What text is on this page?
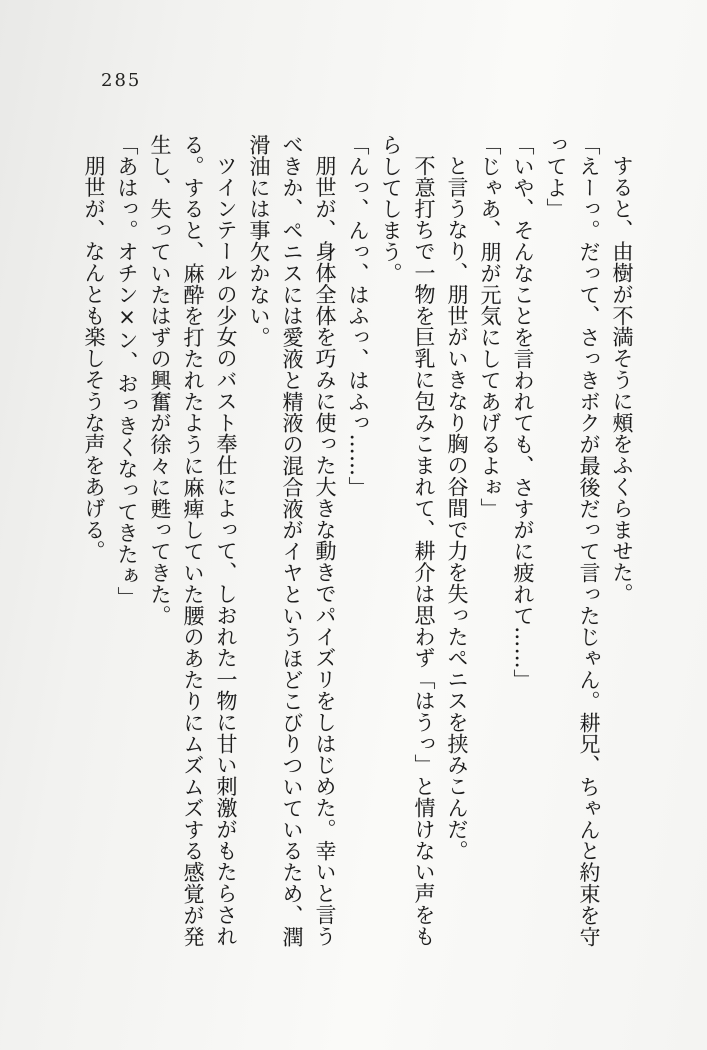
285

すると、由樹が不満そうに頰をふくらませた。

「えーっ。だって、さっきボクが最後だって言ったじゃん。耕兄、ちゃんと約束を守ってよ」

「いや、そんなことを言われても、さすがに疲れて……」

「じゃあ、朋が元気にしてあげるよぉ」

と言うなり、朋世がいきなり胸の谷間で力を失ったペニスを挟みこんだ。

不意打ちで一物を巨乳に包みこまれて、耕介は思わず「はうっ」と情けない声をもらしてしまう。

「んっ、んっ、はふっ、はふっ……」

朋世が、身体全体を巧みに使った大きな動きでパイズリをしはじめた。幸いと言うべきか、ペニスには愛液と精液の混合液がイヤというほどこびりついているため、潤滑油には事欠かない。

ツインテールの少女のバスト奉仕によって、しおれた一物に甘い刺激がもたらされる。すると、麻酔を打たれたように麻痺していた腰のあたりにムズムズする感覚が発生し、失っていたはずの興奮が徐々に甦ってきた。

「あはっ。オチン×ン、おっきくなってきたぁ」

朋世が、なんとも楽しそうな声をあげる。
